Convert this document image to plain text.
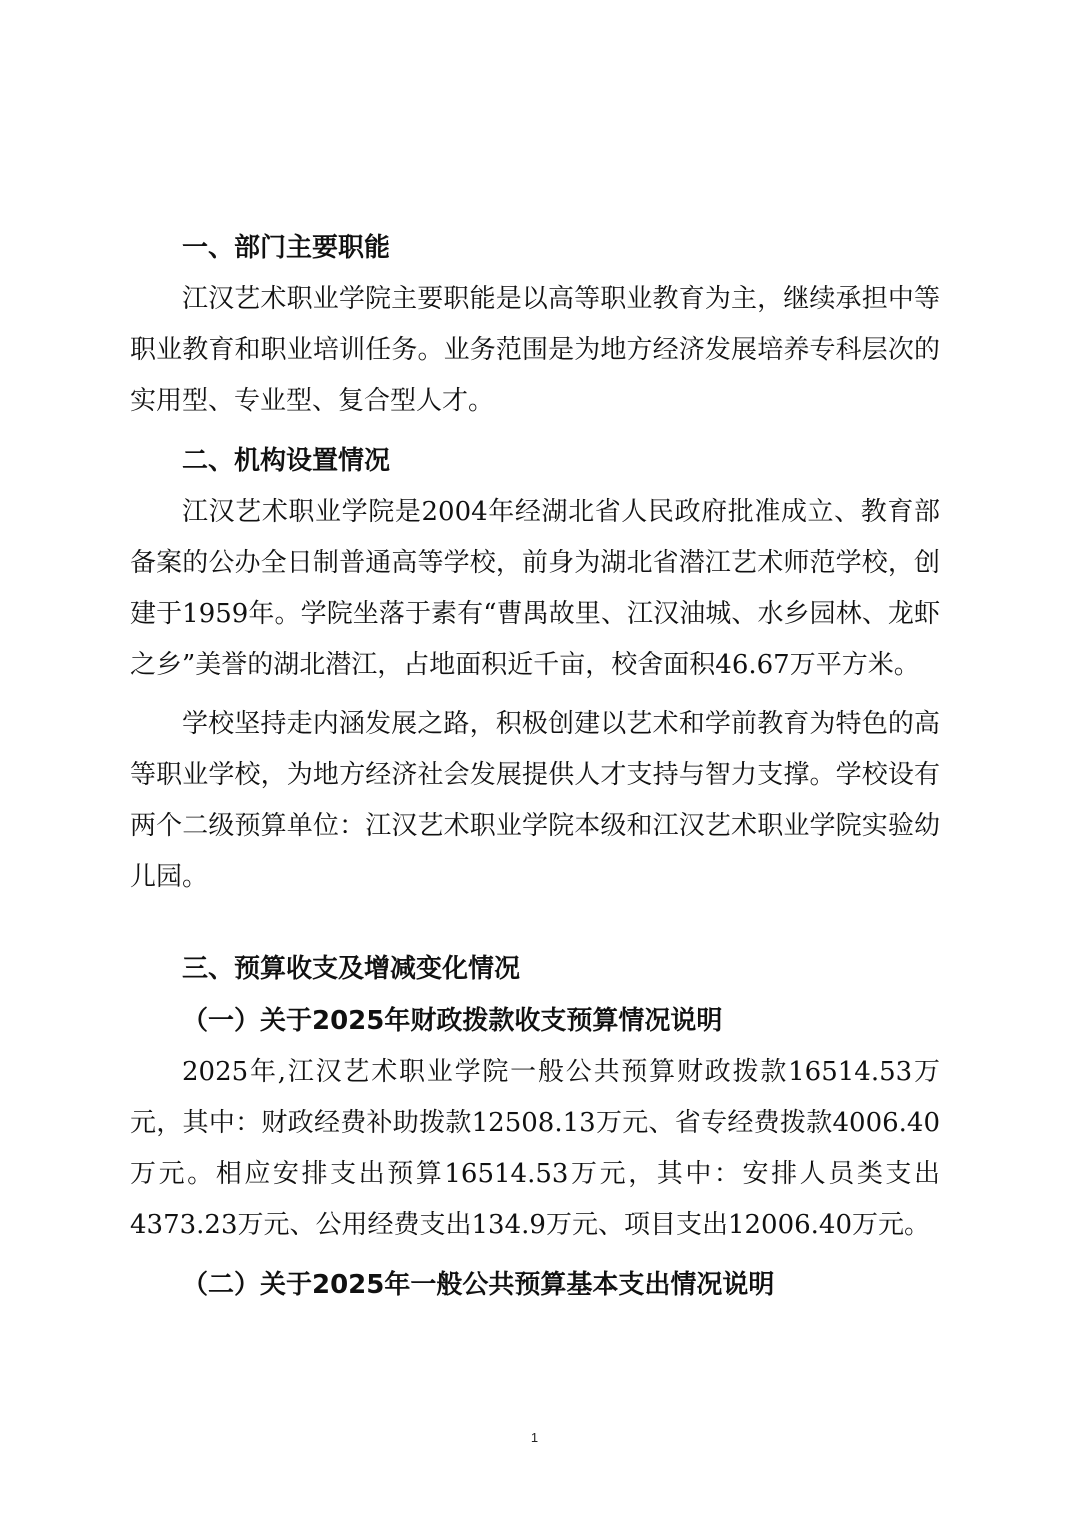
一、部门主要职能

江汉艺术职业学院主要职能是以高等职业教育为主，继续承担中等职业教育和职业培训任务。业务范围是为地方经济发展培养专科层次的实用型、专业型、复合型人才。

二、机构设置情况

江汉艺术职业学院是2004年经湖北省人民政府批准成立、教育部备案的公办全日制普通高等学校，前身为湖北省潜江艺术师范学校，创建于1959年。学院坐落于素有“曹禺故里、江汉油城、水乡园林、龙虾之乡”美誉的湖北潜江，占地面积近千亩，校舍面积46.67万平方米。

学校坚持走内涵发展之路，积极创建以艺术和学前教育为特色的高等职业学校，为地方经济社会发展提供人才支持与智力支撑。学校设有两个二级预算单位：江汉艺术职业学院本级和江汉艺术职业学院实验幼儿园。

三、预算收支及增减变化情况

（一）关于2025年财政拨款收支预算情况说明

2025年,江汉艺术职业学院一般公共预算财政拨款16514.53万元，其中：财政经费补助拨款12508.13万元、省专经费拨款4006.40万元。相应安排支出预算16514.53万元，其中：安排人员类支出4373.23万元、公用经费支出134.9万元、项目支出12006.40万元。

（二）关于2025年一般公共预算基本支出情况说明

1
